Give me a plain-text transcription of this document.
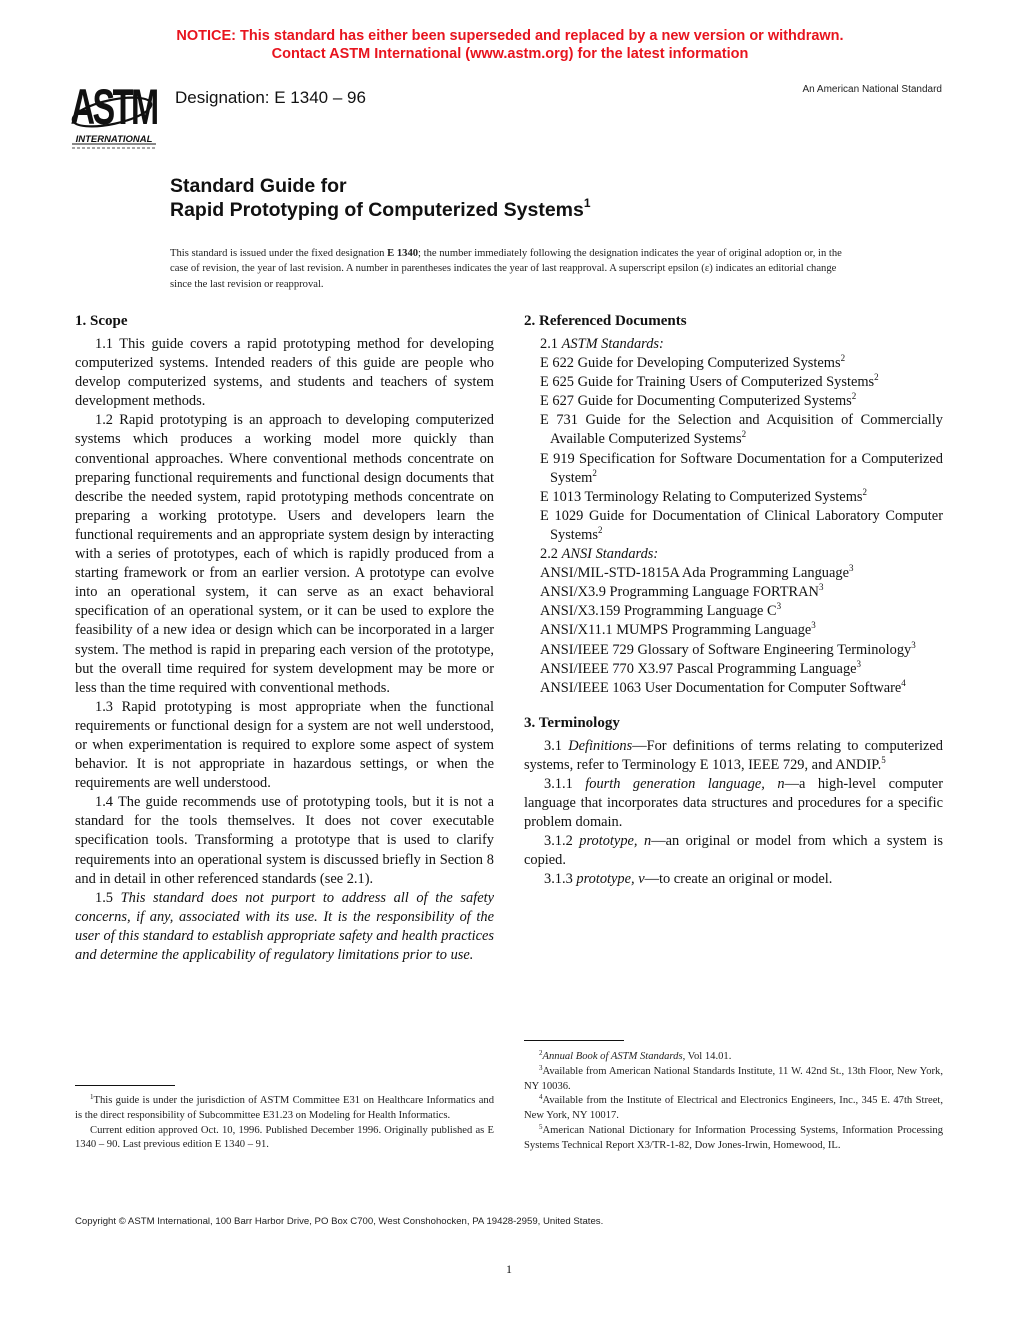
NOTICE: This standard has either been superseded and replaced by a new version or withdrawn.
Contact ASTM International (www.astm.org) for the latest information
ASTM
INTERNATIONAL
Designation: E 1340 – 96	An American National Standard
Standard Guide for
Rapid Prototyping of Computerized Systems$^1$
This standard is issued under the fixed designation E 1340; the number immediately following the designation indicates the year of original adoption or, in the case of revision, the year of last revision. A number in parentheses indicates the year of last reapproval. A superscript epsilon (ε) indicates an editorial change since the last revision or reapproval.
1. Scope

1.1 This guide covers a rapid prototyping method for developing computerized systems. Intended readers of this guide are people who develop computerized systems, and students and teachers of system development methods.

1.2 Rapid prototyping is an approach to developing computerized systems which produces a working model more quickly than conventional approaches. Where conventional methods concentrate on preparing functional requirements and functional design documents that describe the needed system, rapid prototyping methods concentrate on preparing a working prototype. Users and developers learn the functional requirements and an appropriate system design by interacting with a series of prototypes, each of which is rapidly produced from a starting framework or from an earlier version. A prototype can evolve into an operational system, it can serve as an exact behavioral specification of an operational system, or it can be used to explore the feasibility of a new idea or design which can be incorporated in a larger system. The method is rapid in preparing each version of the prototype, but the overall time required for system development may be more or less than the time required with conventional methods.

1.3 Rapid prototyping is most appropriate when the functional requirements or functional design for a system are not well understood, or when experimentation is required to explore some aspect of system behavior. It is not appropriate in hazardous settings, or when the requirements are well understood.

1.4 The guide recommends use of prototyping tools, but it is not a standard for the tools themselves. It does not cover executable specification tools. Transforming a prototype that is used to clarify requirements into an operational system is discussed briefly in Section 8 and in detail in other referenced standards (see 2.1).

1.5 This standard does not purport to address all of the safety concerns, if any, associated with its use. It is the responsibility of the user of this standard to establish appropriate safety and health practices and determine the applicability of regulatory limitations prior to use.

2. Referenced Documents

2.1 ASTM Standards:

E 622 Guide for Developing Computerized Systems$^2$

E 625 Guide for Training Users of Computerized Systems$^2$

E 627 Guide for Documenting Computerized Systems$^2$

E 731 Guide for the Selection and Acquisition of Commercially Available Computerized Systems$^2$

E 919 Specification for Software Documentation for a Computerized System$^2$

E 1013 Terminology Relating to Computerized Systems$^2$

E 1029 Guide for Documentation of Clinical Laboratory Computer Systems$^2$

2.2 ANSI Standards:

ANSI/MIL-STD-1815A Ada Programming Language$^3$

ANSI/X3.9 Programming Language FORTRAN$^3$

ANSI/X3.159 Programming Language $C^3$

ANSI/X11.1 MUMPS Programming Language$^3$

ANSI/IEEE 729 Glossary of Software Engineering Terminology$^3$

ANSI/IEEE 770 X3.97 Pascal Programming Language$^3$

ANSI/IEEE 1063 User Documentation for Computer Software$^4$

3. Terminology

3.1 Definitions—For definitions of terms relating to computerized systems, refer to Terminology E 1013, IEEE 729, and ANDIP.$^5$

3.1.1 fourth generation language, n—a high-level computer language that incorporates data structures and procedures for a specific problem domain.

3.1.2 prototype, n—an original or model from which a system is copied.

3.1.3 prototype, v—to create an original or model.

$^1$This guide is under the jurisdiction of ASTM Committee E31 on Healthcare Informatics and is the direct responsibility of Subcommittee E31.23 on Modeling for Health Informatics.

Current edition approved Oct. 10, 1996. Published December 1996. Originally published as E 1340 – 90. Last previous edition E 1340 – 91.

$^2$Annual Book of ASTM Standards, Vol 14.01.

$^3$Available from American National Standards Institute, 11 W. 42nd St., 13th Floor, New York, NY 10036.

$^4$Available from the Institute of Electrical and Electronics Engineers, Inc., 345 E. 47th Street, New York, NY 10017.

$^5$American National Dictionary for Information Processing Systems, Information Processing Systems Technical Report X3/TR-1-82, Dow Jones-Irwin, Homewood, IL.

Copyright © ASTM International, 100 Barr Harbor Drive, PO Box C700, West Conshohocken, PA 19428-2959, United States.
1
